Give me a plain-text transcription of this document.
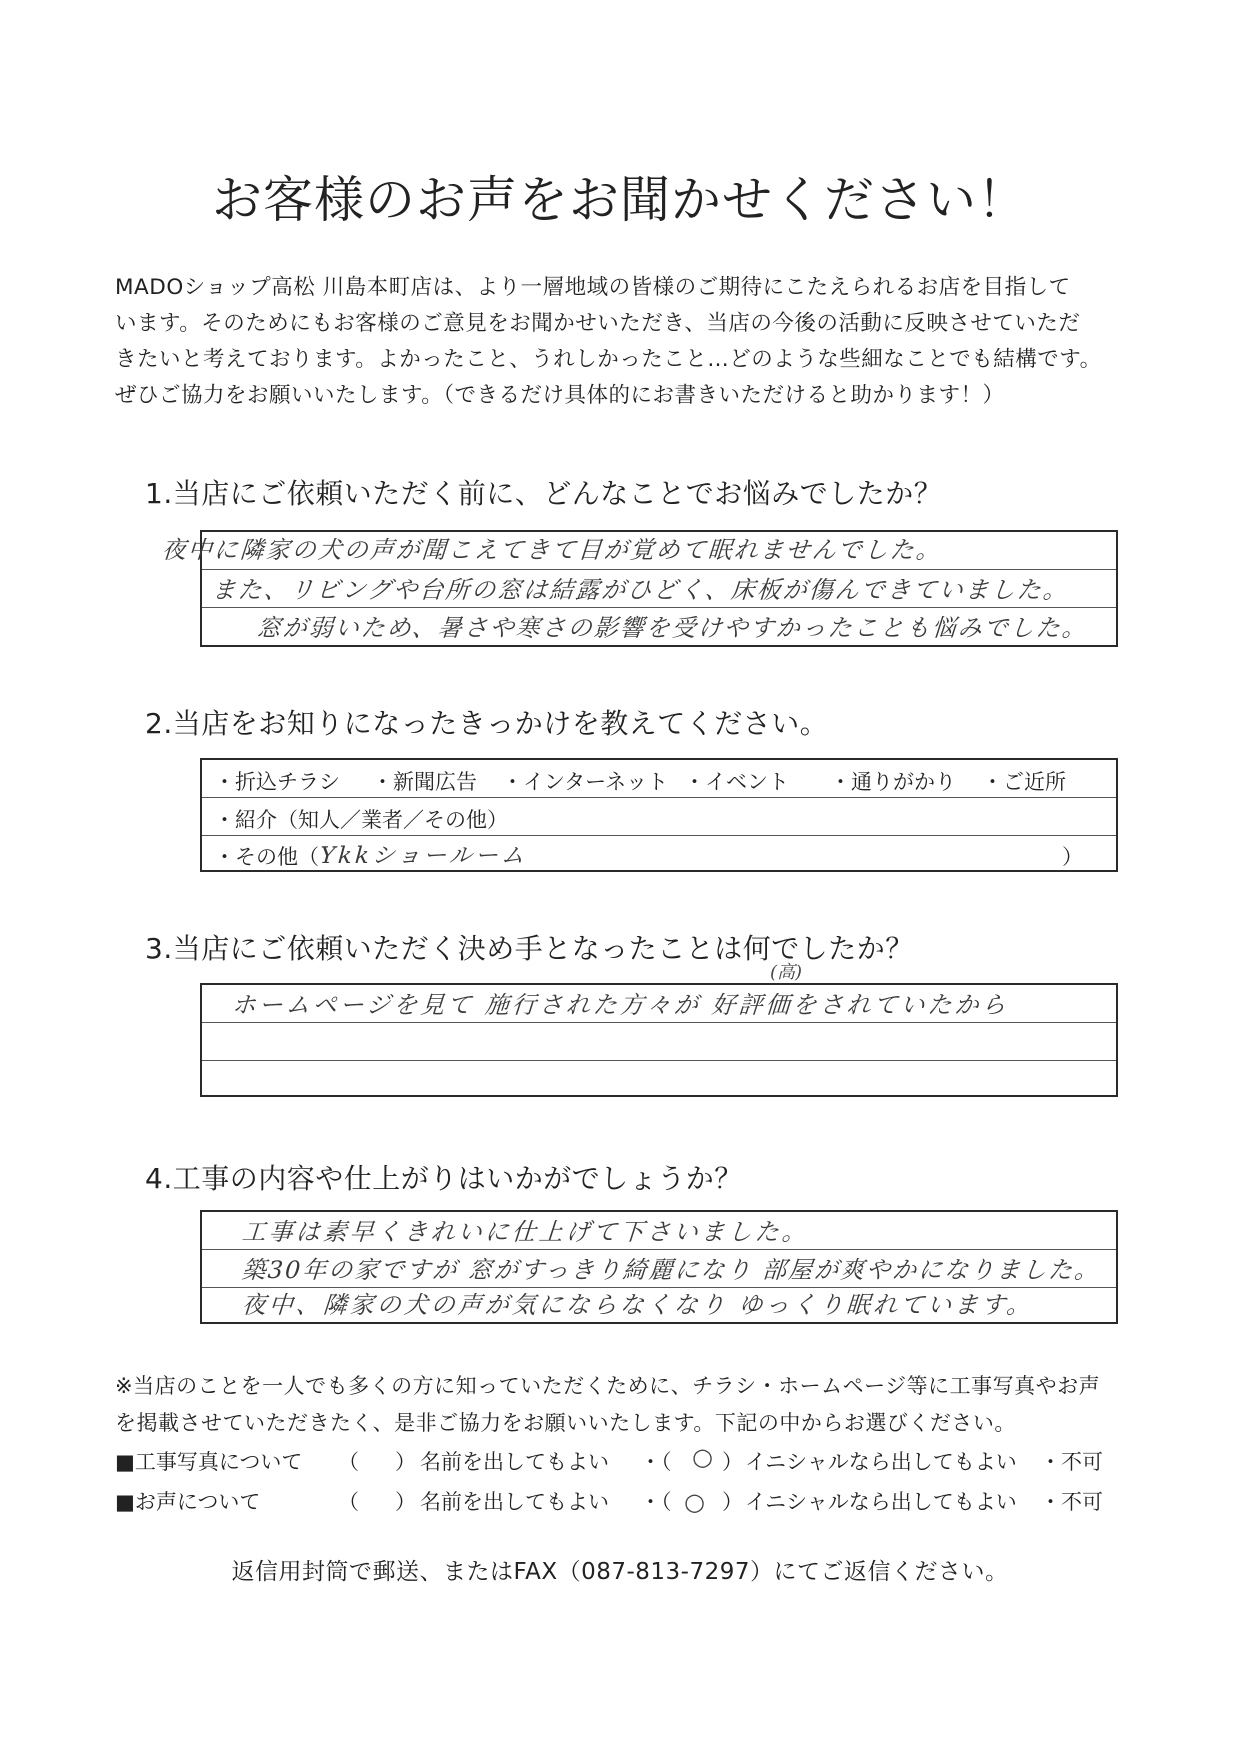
お客様のお声をお聞かせください！

MADOショップ高松 川島本町店は、より一層地域の皆様のご期待にこたえられるお店を目指して

います。そのためにもお客様のご意見をお聞かせいただき、当店の今後の活動に反映させていただ

きたいと考えております。よかったこと、うれしかったこと…どのような些細なことでも結構です。

ぜひご協力をお願いいたします。（できるだけ具体的にお書きいただけると助かります！）

1.当店にご依頼いただく前に、どんなことでお悩みでしたか？
夜中に隣家の犬の声が聞こえてきて目が覚めて眠れませんでした。
また、リビングや台所の窓は結露がひどく、床板が傷んできていました。
窓が弱いため、暑さや寒さの影響を受けやすかったことも悩みでした。
2.当店をお知りになったきっかけを教えてください。
・折込チラシ ・新聞広告 ・インターネット ・イベント ・通りがかり ・ご近所
・紹介（知人／業者／その他）
・その他（ Ykkショールーム	）
3.当店にご依頼いただく決め手となったことは何でしたか？
(高)
ホームページを見て 施行された方々が 好評価をされていたから
4.工事の内容や仕上がりはいかがでしょうか？
工事は素早くきれいに仕上げて下さいました。
築30年の家ですが 窓がすっきり綺麗になり 部屋が爽やかになりました。
夜中、隣家の犬の声が気にならなくなり ゆっくり眠れています。
※当店のことを一人でも多くの方に知っていただくために、チラシ・ホームページ等に工事写真やお声
を掲載させていただきたく、是非ご協力をお願いいたします。下記の中からお選びください。
■工事写真について （ ） 名前を出してもよい ・（ ○ ） イニシャルなら出してもよい ・不可
■お声について	（ ） 名前を出してもよい ・（ ○ ） イニシャルなら出してもよい ・不可
返信用封筒で郵送、またはFAX（087-813-7297）にてご返信ください。
